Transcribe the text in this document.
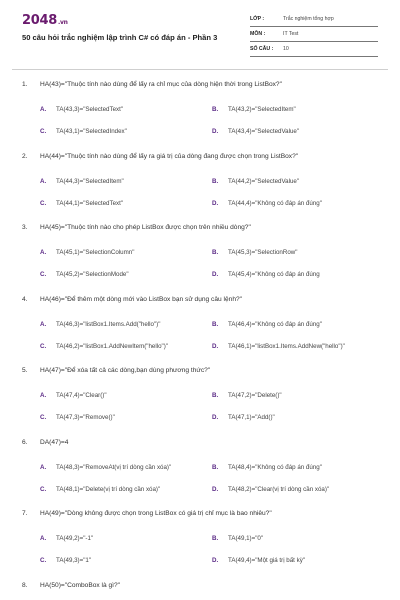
2048.vn
50 câu hỏi trắc nghiệm lập trình C# có đáp án - Phần 3
LỚP :	Trắc nghiệm tổng hợp
MÔN :	IT Test
SỐ CÂU :	10
1. HA(43)="Thuộc tính nào dùng để lấy ra chỉ mục của dòng hiện thời trong ListBox?"
A. TA(43,3)="SelectedText"	B. TA(43,2)="SelectedItem"
C. TA(43,1)="SelectedIndex"	D. TA(43,4)="SelectedValue"
2. HA(44)="Thuộc tính nào dùng để lấy ra giá trị của dòng đang được chọn trong ListBox?"
A. TA(44,3)="SelectedItem"	B. TA(44,2)="SelectedValue"
C. TA(44,1)="SelectedText"	D. TA(44,4)="Không có đáp án đúng"
3. HA(45)="Thuộc tính nào cho phép ListBox được chọn trên nhiều dòng?"
A. TA(45,1)="SelectionColumn"	B. TA(45,3)="SelectionRow"
C. TA(45,2)="SelectionMode"	D. TA(45,4)="Không có đáp án đúng
4. HA(46)="Để thêm một dòng mới vào ListBox bạn sử dụng câu lệnh?"
A. TA(46,3)="listBox1.Items.Add("hello")"	B. TA(46,4)="Không có đáp án đúng"
C. TA(46,2)="listBox1.AddNewItem("hello")"	D. TA(46,1)="listBox1.Items.AddNew("hello")"
5. HA(47)="Để xóa tất cả các dòng,bạn dùng phương thức?"
A. TA(47,4)="Clear()"	B. TA(47,2)="Delete()"
C. TA(47,3)="Remove()"	D. TA(47,1)="Add()"
6. DA(47)=4
A. TA(48,3)="RemoveAt(vị trí dòng cần xóa)"	B. TA(48,4)="Không có đáp án đúng"
C. TA(48,1)="Delete(vị trí dòng cần xóa)"	D. TA(48,2)="Clear(vị trí dòng cần xóa)"
7. HA(49)="Dòng không được chọn trong ListBox có giá trị chỉ mục là bao nhiêu?"
A. TA(49,2)="-1"	B. TA(49,1)="0"
C. TA(49,3)="1"	D. TA(49,4)="Một giá trị bất kỳ"
8. HA(50)="ComboBox là gì?"
